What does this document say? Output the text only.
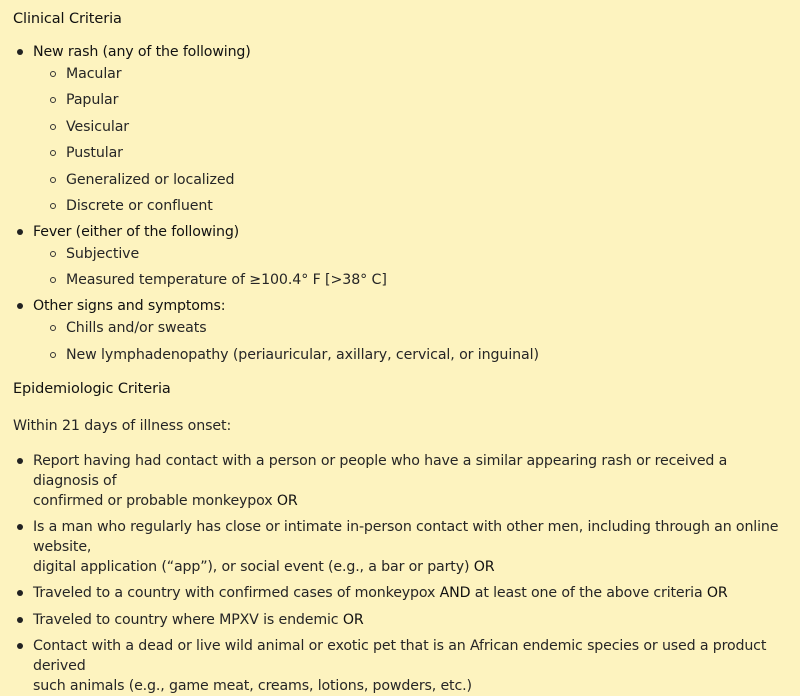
Clinical Criteria
New rash (any of the following)
Macular
Papular
Vesicular
Pustular
Generalized or localized
Discrete or confluent
Fever (either of the following)
Subjective
Measured temperature of ≥100.4° F [>38° C]
Other signs and symptoms:
Chills and/or sweats
New lymphadenopathy (periauricular, axillary, cervical, or inguinal)
Epidemiologic Criteria
Within 21 days of illness onset:
Report having had contact with a person or people who have a similar appearing rash or received a diagnosis of
confirmed or probable monkeypox OR
Is a man who regularly has close or intimate in-person contact with other men, including through an online website,
digital application (“app”), or social event (e.g., a bar or party) OR
Traveled to a country with confirmed cases of monkeypox AND at least one of the above criteria OR
Traveled to country where MPXV is endemic OR
Contact with a dead or live wild animal or exotic pet that is an African endemic species or used a product derived
such animals (e.g., game meat, creams, lotions, powders, etc.)
